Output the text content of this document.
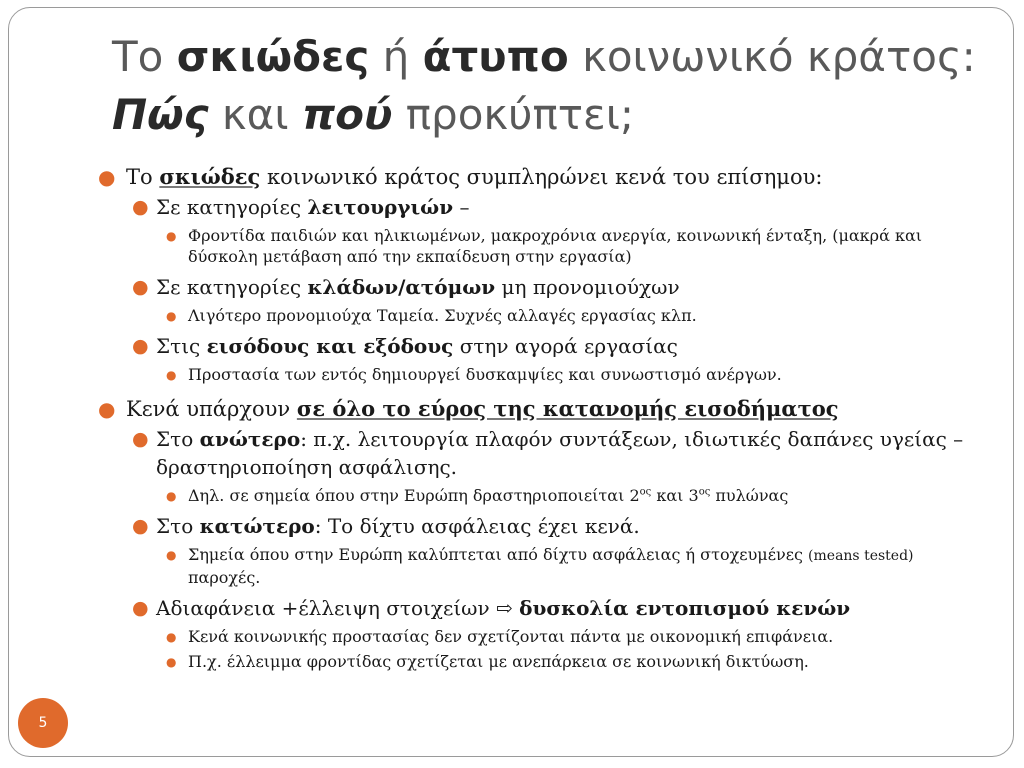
Το σκιώδες ή άτυπο κοινωνικό κράτος:
Πώς και πού προκύπτει;
● Το σκιώδες κοινωνικό κράτος συμπληρώνει κενά του επίσημου:
● Σε κατηγορίες λειτουργιών –
● Φροντίδα παιδιών και ηλικιωμένων, μακροχρόνια ανεργία, κοινωνική ένταξη, (μακρά και δύσκολη μετάβαση από την εκπαίδευση στην εργασία)
● Σε κατηγορίες κλάδων/ατόμων μη προνομιούχων
● Λιγότερο προνομιούχα Ταμεία. Συχνές αλλαγές εργασίας κλπ.
● Στις εισόδους και εξόδους στην αγορά εργασίας
● Προστασία των εντός δημιουργεί δυσκαμψίες και συνωστισμό ανέργων.
● Κενά υπάρχουν σε όλο το εύρος της κατανομής εισοδήματος
● Στο ανώτερο: π.χ. λειτουργία πλαφόν συντάξεων, ιδιωτικές δαπάνες υγείας – δραστηριοποίηση ασφάλισης.
● Δηλ. σε σημεία όπου στην Ευρώπη δραστηριοποιείται $2^{o\varsigma}$ και $3^{o\varsigma}$ πυλώνας
● Στο κατώτερο: Το δίχτυ ασφάλειας έχει κενά.
● Σημεία όπου στην Ευρώπη καλύπτεται από δίχτυ ασφάλειας ή στοχευμένες (means tested) παροχές.
● Αδιαφάνεια +έλλειψη στοιχείων ⇨ δυσκολία εντοπισμού κενών
● Κενά κοινωνικής προστασίας δεν σχετίζονται πάντα με οικονομική επιφάνεια.
● Π.χ. έλλειμμα φροντίδας σχετίζεται με ανεπάρκεια σε κοινωνική δικτύωση.
5
